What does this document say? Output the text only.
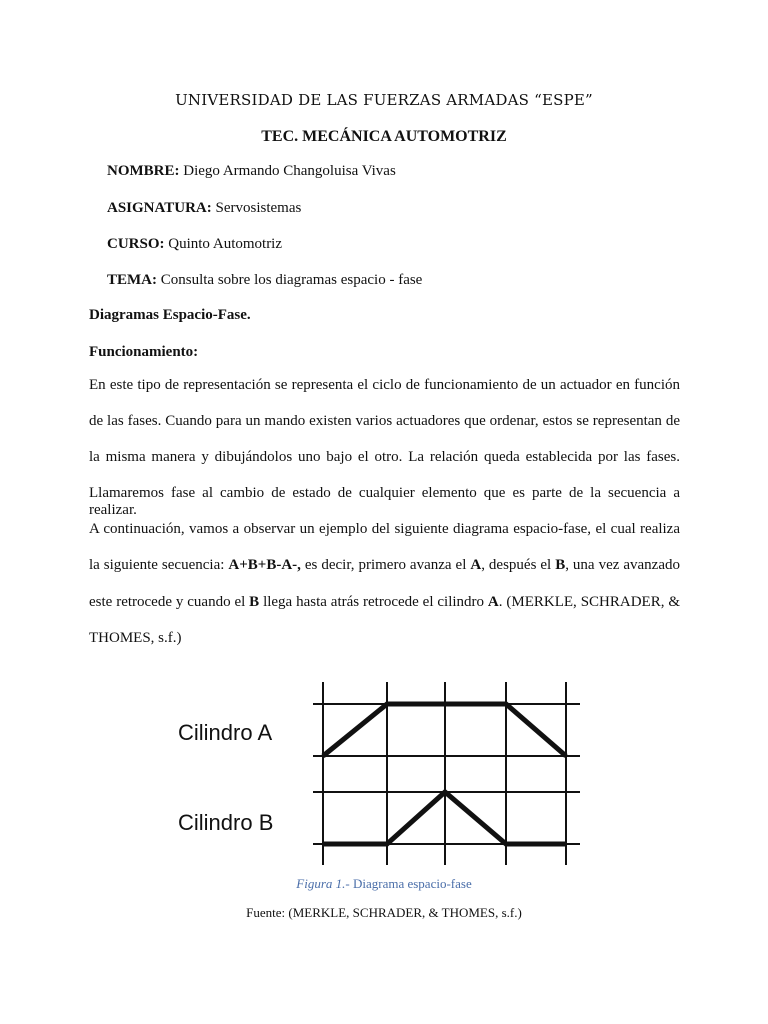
UNIVERSIDAD DE LAS FUERZAS ARMADAS “ESPE”
TEC. MECÁNICA AUTOMOTRIZ
NOMBRE: Diego Armando Changoluisa Vivas
ASIGNATURA: Servosistemas
CURSO: Quinto Automotriz
TEMA: Consulta sobre los diagramas espacio - fase
Diagramas Espacio-Fase.
Funcionamiento:
En este tipo de representación se representa el ciclo de funcionamiento de un actuador en función
de las fases. Cuando para un mando existen varios actuadores que ordenar, estos se representan de
la misma manera y dibujándolos uno bajo el otro. La relación queda establecida por las fases.
Llamaremos fase al cambio de estado de cualquier elemento que es parte de la secuencia a realizar.
A continuación, vamos a observar un ejemplo del siguiente diagrama espacio-fase, el cual realiza
la siguiente secuencia: A+B+B-A-, es decir, primero avanza el A, después el B, una vez avanzado
este retrocede y cuando el B llega hasta atrás retrocede el cilindro A. (MERKLE, SCHRADER, &
THOMES, s.f.)
Cilindro A
Cilindro B
Figura 1.- Diagrama espacio-fase
Fuente: (MERKLE, SCHRADER, & THOMES, s.f.)
